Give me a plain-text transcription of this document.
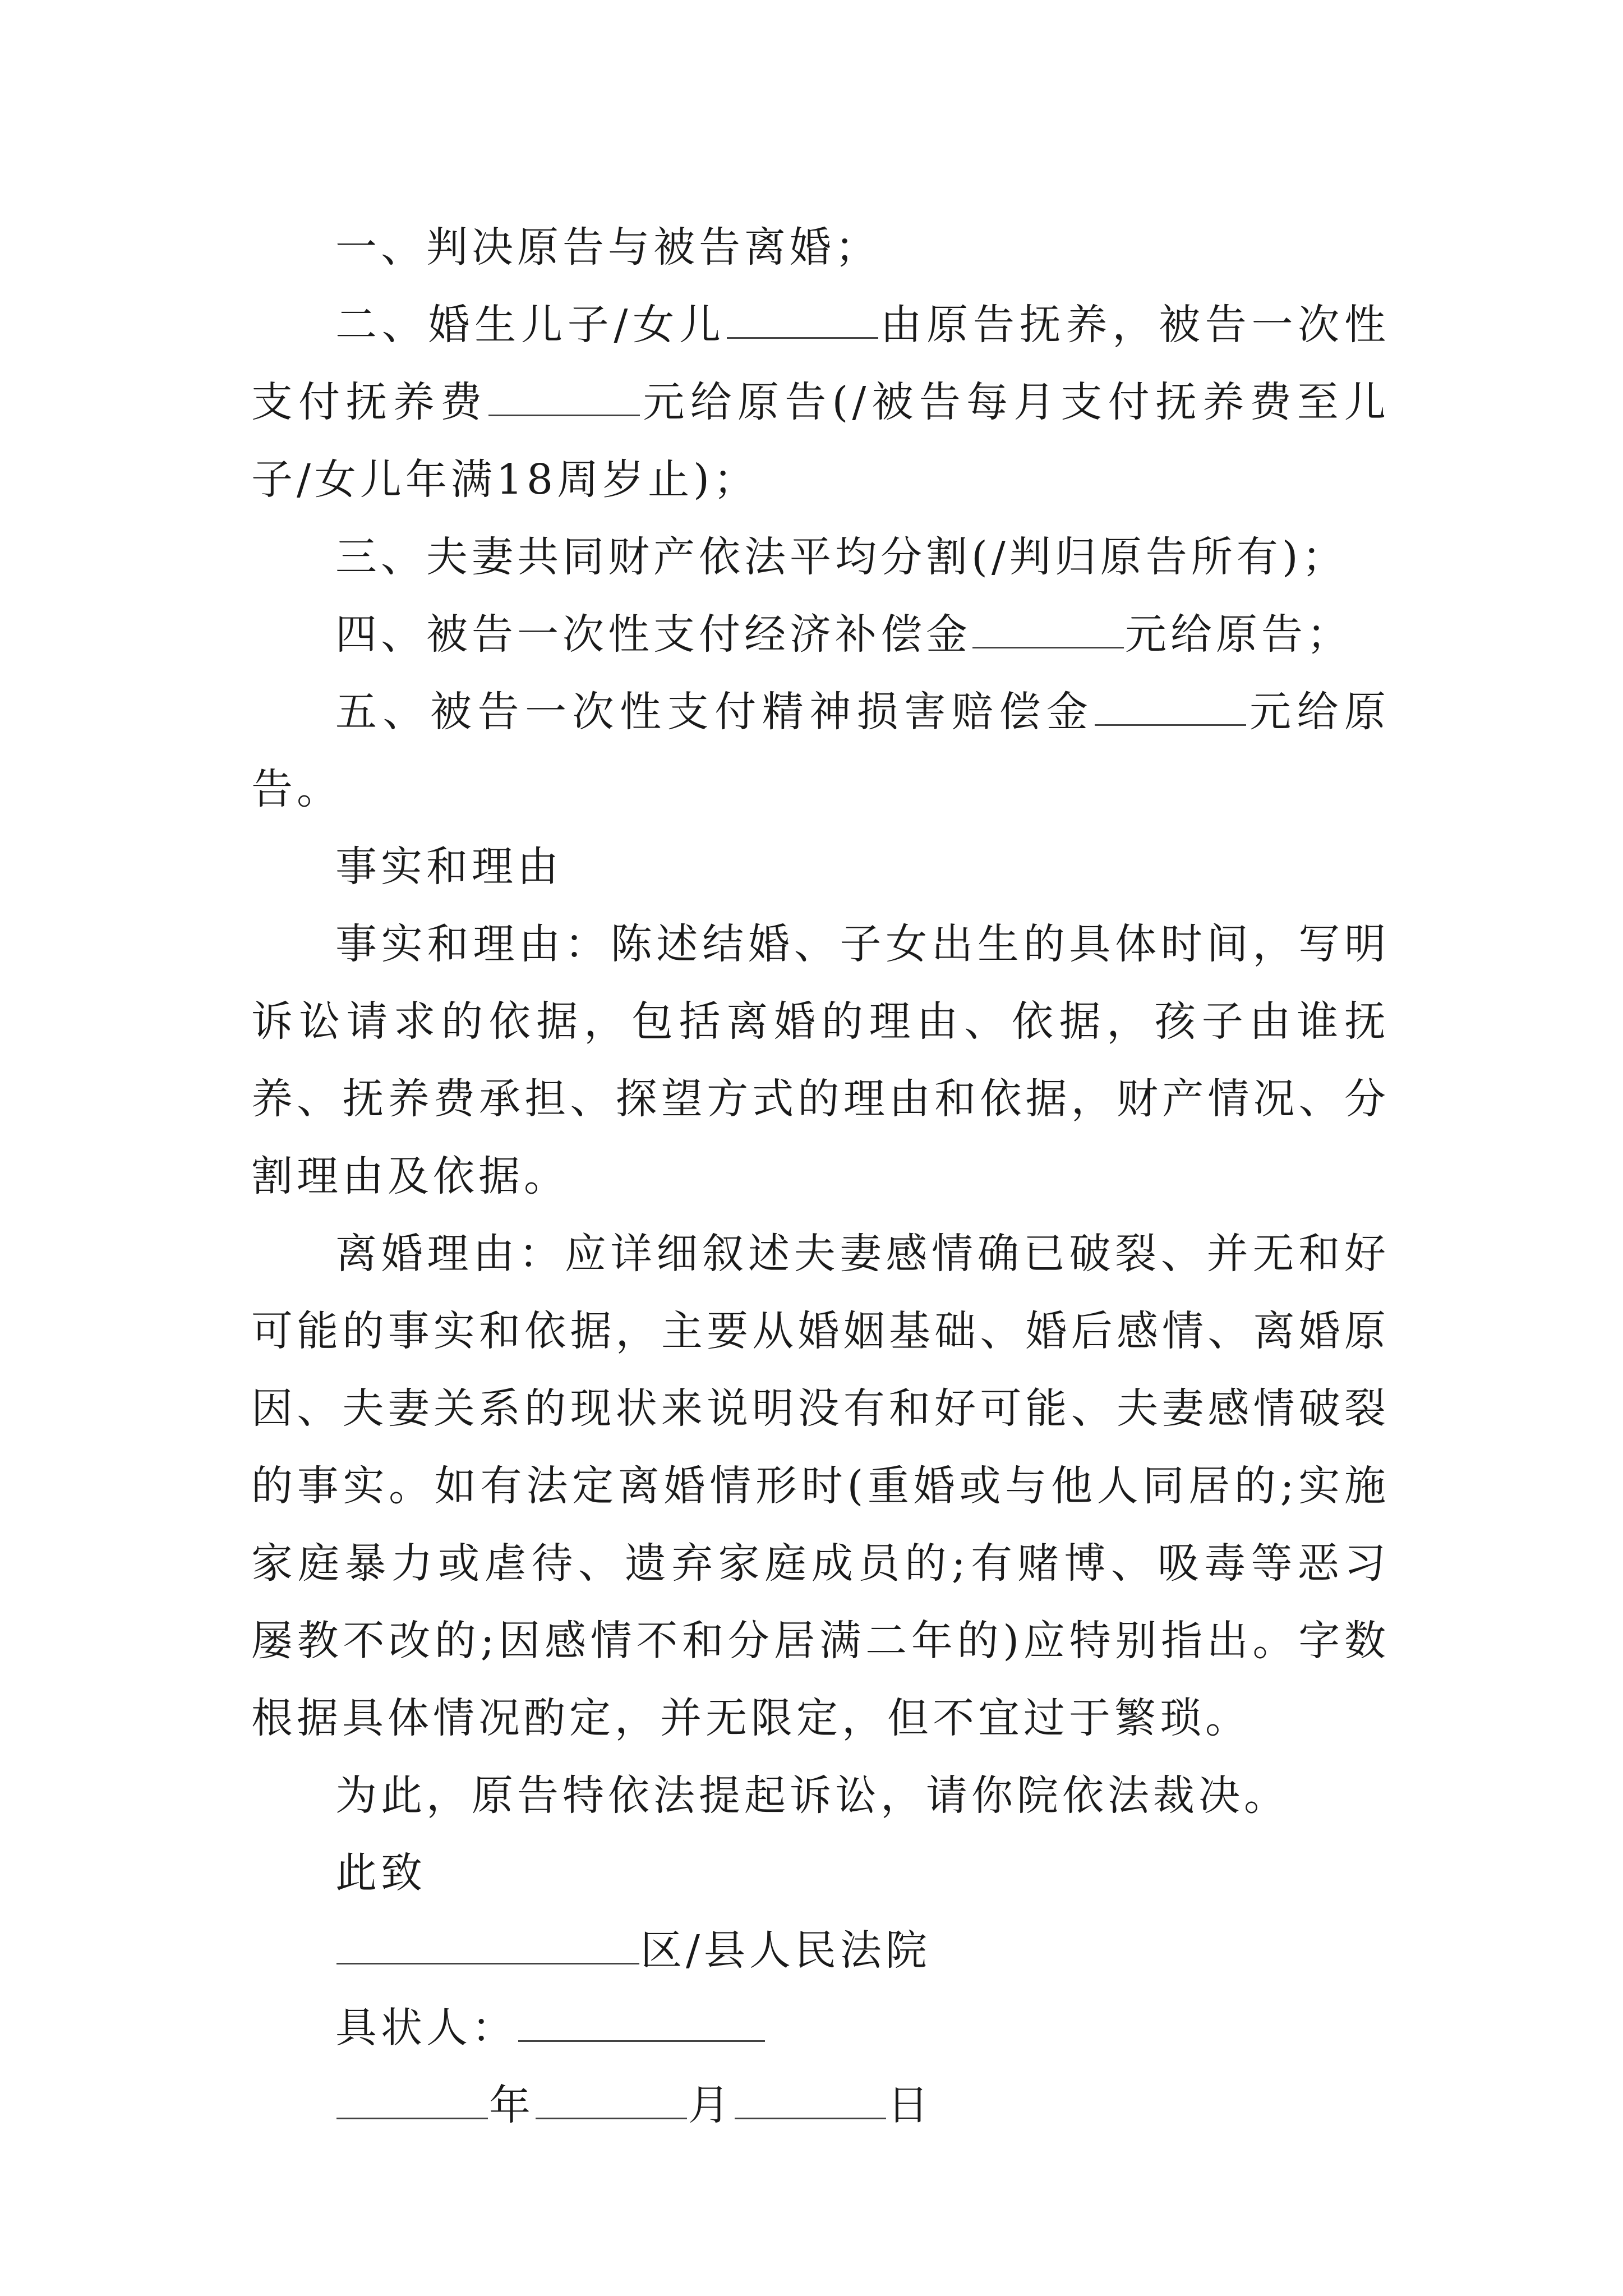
一、判决原告与被告离婚；

二、婚生儿子/女儿	由原告抚养，被告一次性支付抚养费	元给原告(/被告每月支付抚养费至儿子/女儿年满18周岁止)；

三、夫妻共同财产依法平均分割(/判归原告所有)；

四、被告一次性支付经济补偿金	元给原告；

五、被告一次性支付精神损害赔偿金	元给原告。

事实和理由

事实和理由：陈述结婚、子女出生的具体时间，写明诉讼请求的依据，包括离婚的理由、依据，孩子由谁抚养、抚养费承担、探望方式的理由和依据，财产情况、分割理由及依据。

离婚理由：应详细叙述夫妻感情确已破裂、并无和好可能的事实和依据，主要从婚姻基础、婚后感情、离婚原因、夫妻关系的现状来说明没有和好可能、夫妻感情破裂的事实。如有法定离婚情形时(重婚或与他人同居的;实施家庭暴力或虐待、遗弃家庭成员的;有赌博、吸毒等恶习屡教不改的;因感情不和分居满二年的)应特别指出。字数根据具体情况酌定，并无限定，但不宜过于繁琐。

为此，原告特依法提起诉讼，请你院依法裁决。

此致

区/县人民法院

具状人：

年	月	日
